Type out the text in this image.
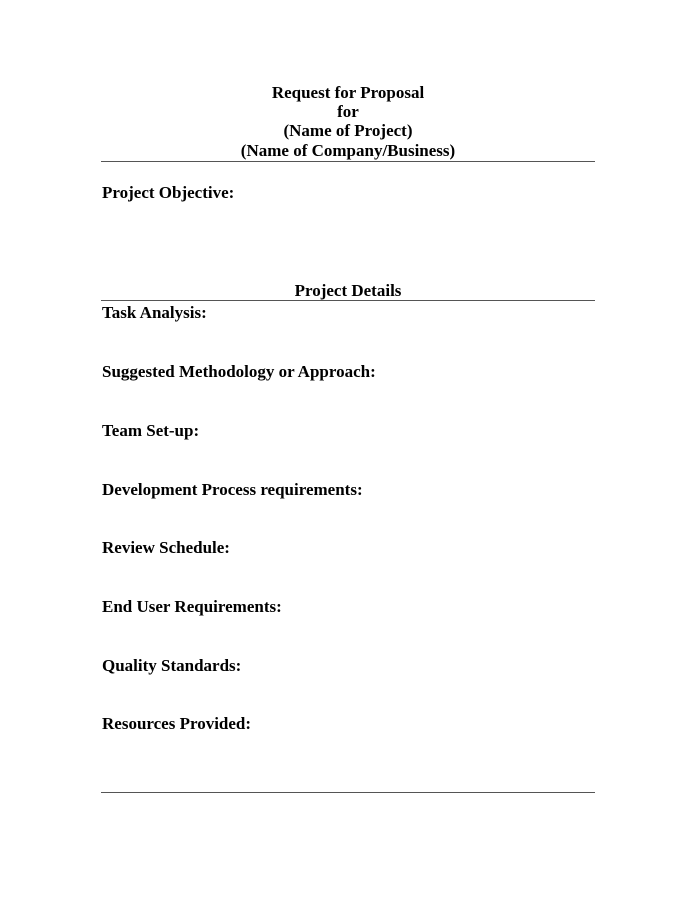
Request for Proposal
for
(Name of Project)
(Name of Company/Business)
Project Objective:
Project Details
Task Analysis:
Suggested Methodology or Approach:
Team Set-up:
Development Process requirements:
Review Schedule:
End User Requirements:
Quality Standards:
Resources Provided:
